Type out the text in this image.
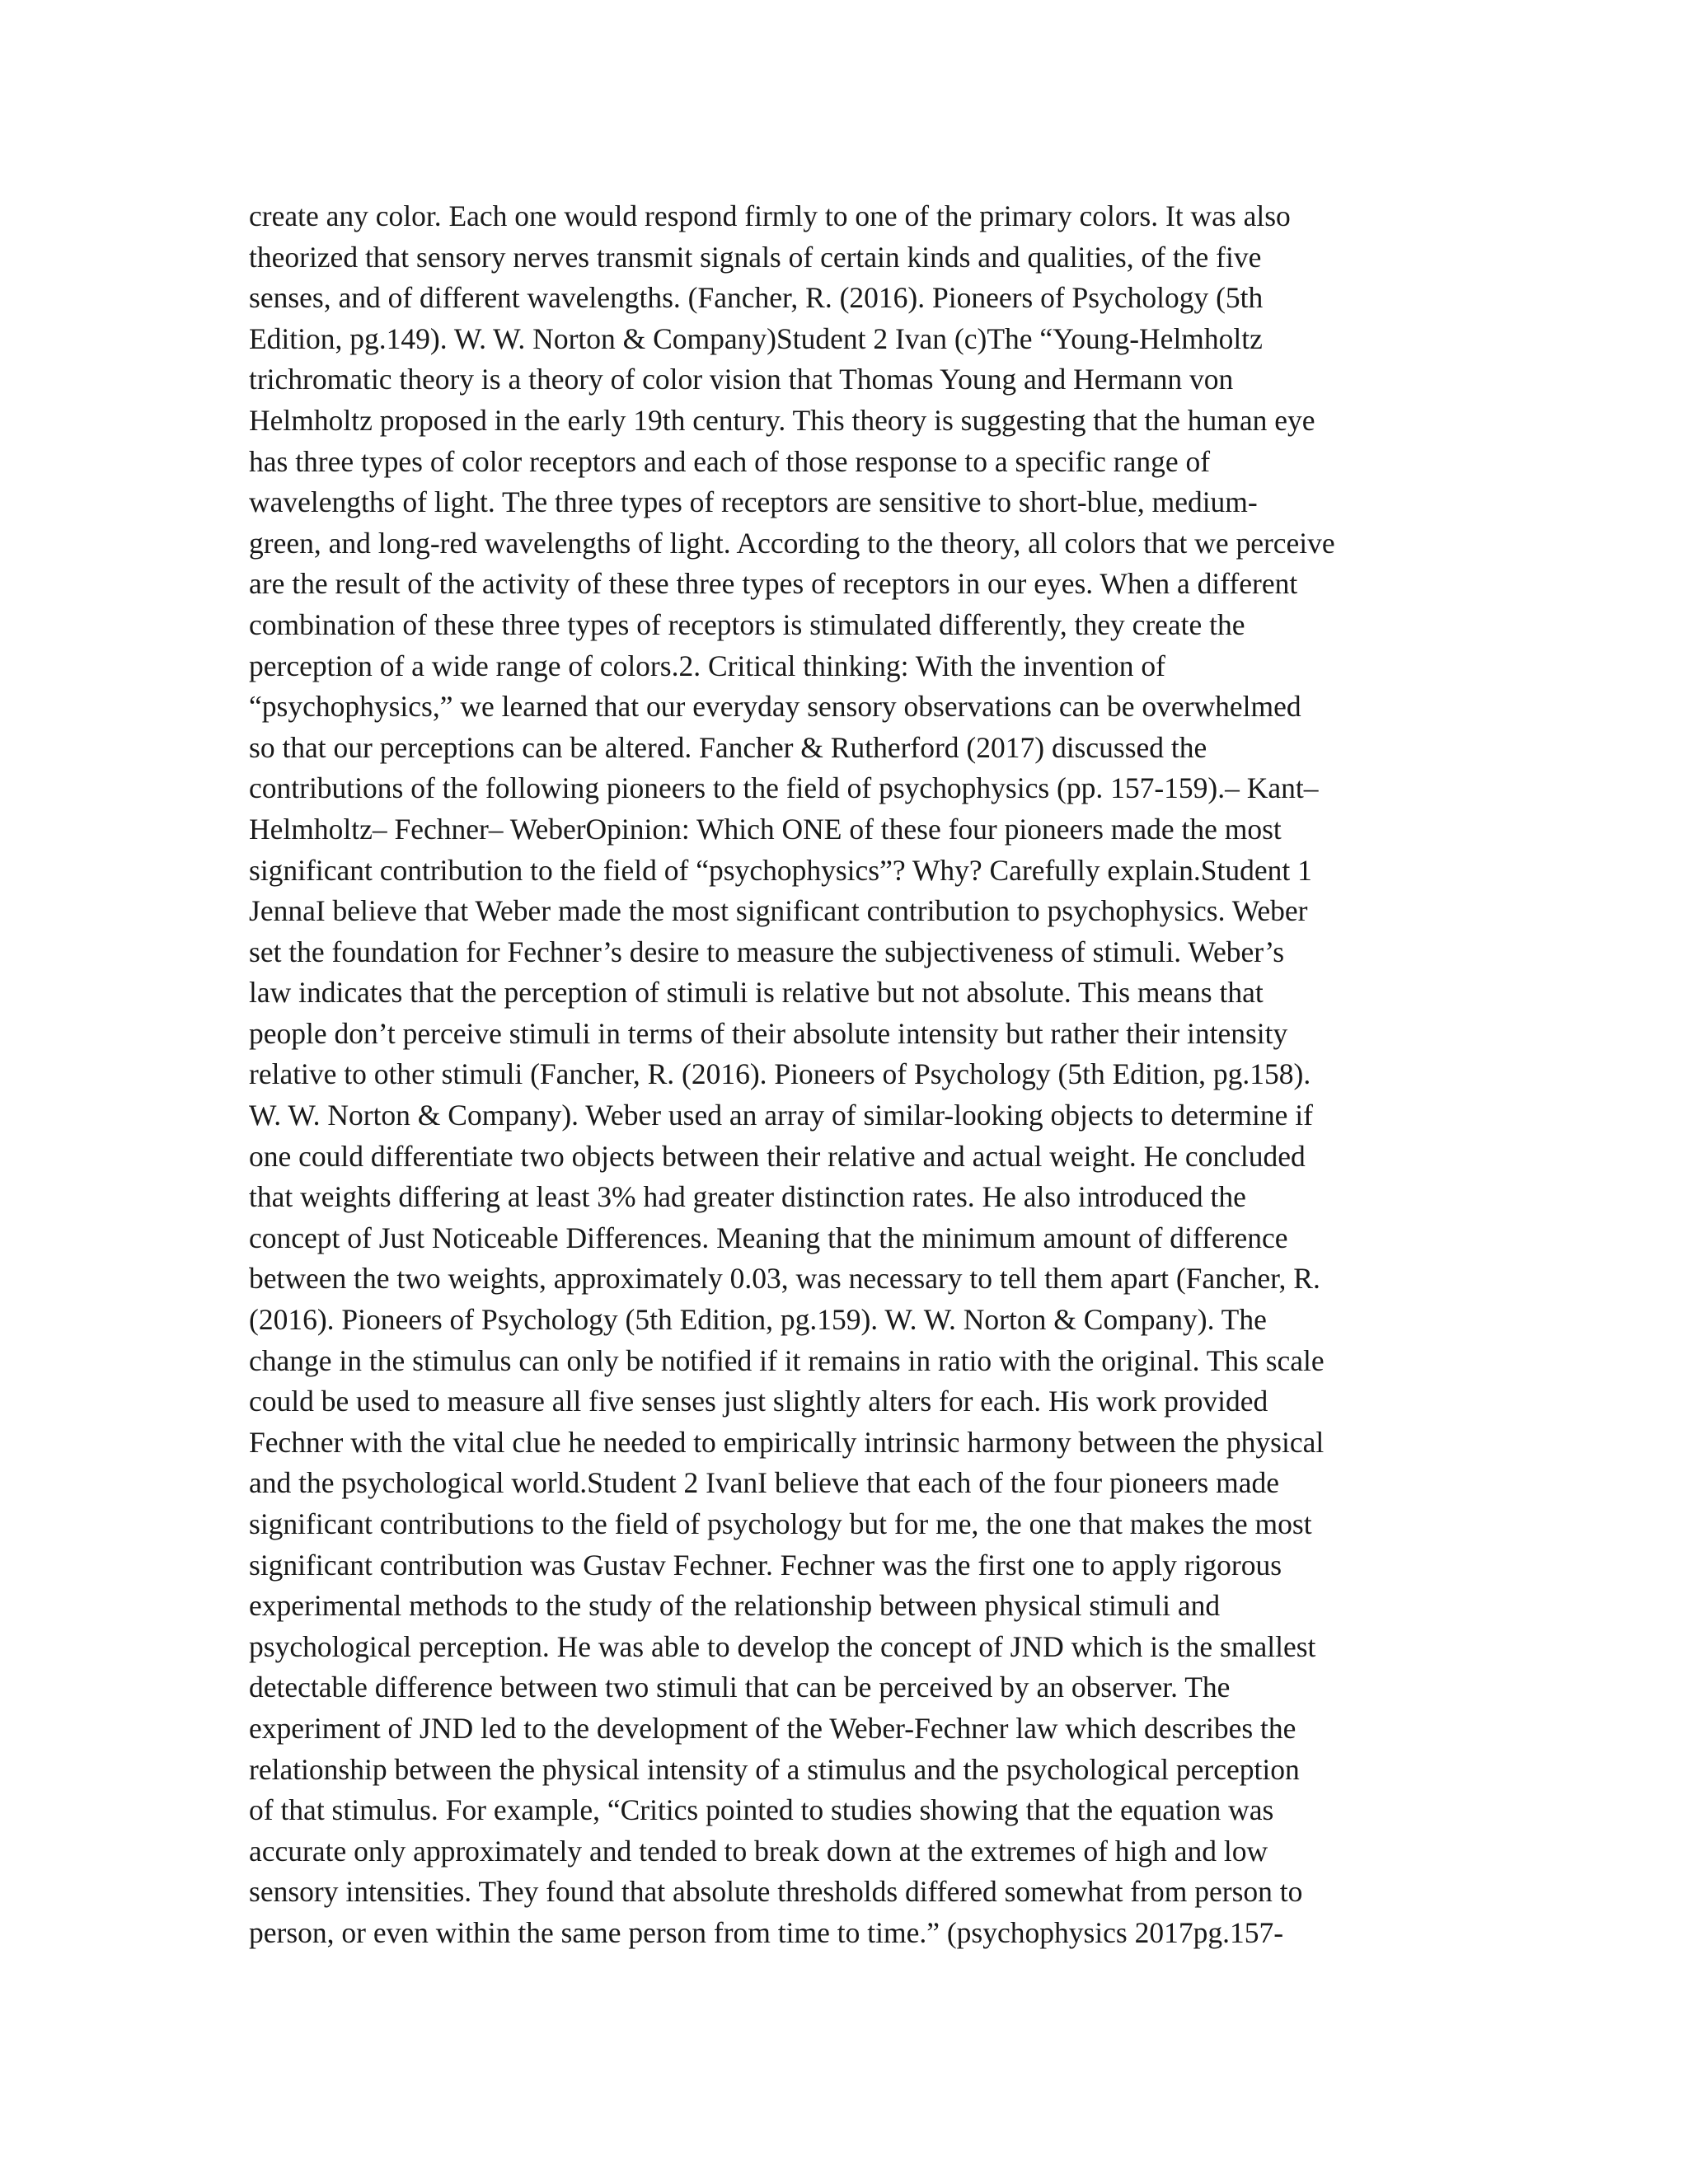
create any color. Each one would respond firmly to one of the primary colors. It was also
theorized that sensory nerves transmit signals of certain kinds and qualities, of the five
senses, and of different wavelengths. (Fancher, R. (2016). Pioneers of Psychology (5th
Edition, pg.149). W. W. Norton & Company)Student 2 Ivan (c)The “Young-Helmholtz
trichromatic theory is a theory of color vision that Thomas Young and Hermann von
Helmholtz proposed in the early 19th century. This theory is suggesting that the human eye
has three types of color receptors and each of those response to a specific range of
wavelengths of light. The three types of receptors are sensitive to short-blue, medium-
green, and long-red wavelengths of light. According to the theory, all colors that we perceive
are the result of the activity of these three types of receptors in our eyes. When a different
combination of these three types of receptors is stimulated differently, they create the
perception of a wide range of colors.2. Critical thinking: With the invention of
“psychophysics,” we learned that our everyday sensory observations can be overwhelmed
so that our perceptions can be altered. Fancher & Rutherford (2017) discussed the
contributions of the following pioneers to the field of psychophysics (pp. 157-159).– Kant–
Helmholtz– Fechner– WeberOpinion: Which ONE of these four pioneers made the most
significant contribution to the field of “psychophysics”? Why? Carefully explain.Student 1
JennaI believe that Weber made the most significant contribution to psychophysics. Weber
set the foundation for Fechner’s desire to measure the subjectiveness of stimuli. Weber’s
law indicates that the perception of stimuli is relative but not absolute. This means that
people don’t perceive stimuli in terms of their absolute intensity but rather their intensity
relative to other stimuli (Fancher, R. (2016). Pioneers of Psychology (5th Edition, pg.158).
W. W. Norton & Company). Weber used an array of similar-looking objects to determine if
one could differentiate two objects between their relative and actual weight. He concluded
that weights differing at least 3% had greater distinction rates. He also introduced the
concept of Just Noticeable Differences. Meaning that the minimum amount of difference
between the two weights, approximately 0.03, was necessary to tell them apart (Fancher, R.
(2016). Pioneers of Psychology (5th Edition, pg.159). W. W. Norton & Company). The
change in the stimulus can only be notified if it remains in ratio with the original. This scale
could be used to measure all five senses just slightly alters for each. His work provided
Fechner with the vital clue he needed to empirically intrinsic harmony between the physical
and the psychological world.Student 2 IvanI believe that each of the four pioneers made
significant contributions to the field of psychology but for me, the one that makes the most
significant contribution was Gustav Fechner. Fechner was the first one to apply rigorous
experimental methods to the study of the relationship between physical stimuli and
psychological perception. He was able to develop the concept of JND which is the smallest
detectable difference between two stimuli that can be perceived by an observer. The
experiment of JND led to the development of the Weber-Fechner law which describes the
relationship between the physical intensity of a stimulus and the psychological perception
of that stimulus. For example, “Critics pointed to studies showing that the equation was
accurate only approximately and tended to break down at the extremes of high and low
sensory intensities. They found that absolute thresholds differed somewhat from person to
person, or even within the same person from time to time.” (psychophysics 2017pg.157-
